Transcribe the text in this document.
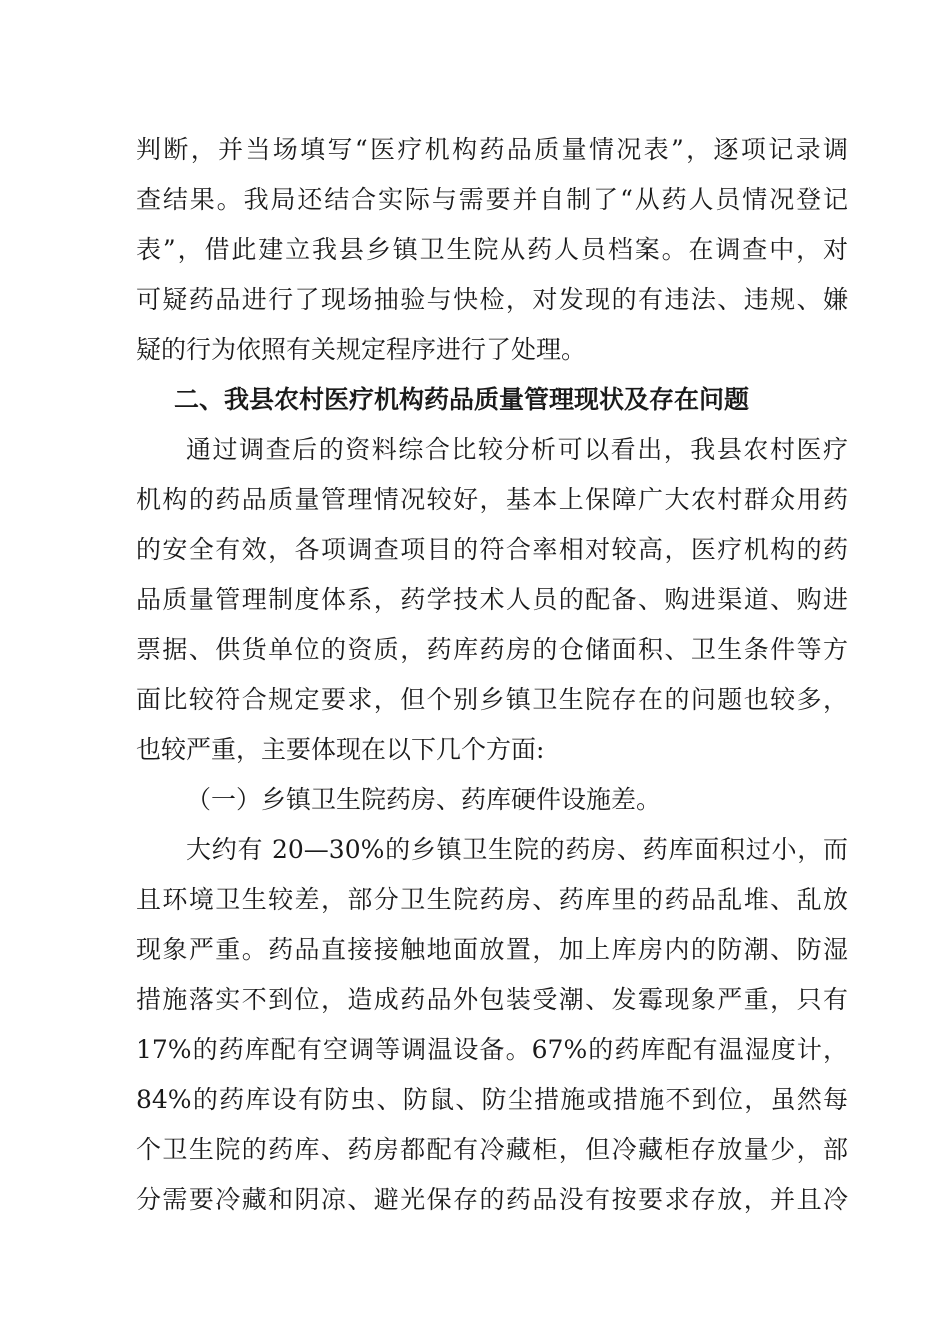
判断，并当场填写“医疗机构药品质量情况表”，逐项记录调
查结果。我局还结合实际与需要并自制了“从药人员情况登记
表”，借此建立我县乡镇卫生院从药人员档案。在调查中，对
可疑药品进行了现场抽验与快检，对发现的有违法、违规、嫌
疑的行为依照有关规定程序进行了处理。
二、我县农村医疗机构药品质量管理现状及存在问题
通过调查后的资料综合比较分析可以看出，我县农村医疗
机构的药品质量管理情况较好，基本上保障广大农村群众用药
的安全有效，各项调查项目的符合率相对较高，医疗机构的药
品质量管理制度体系，药学技术人员的配备、购进渠道、购进
票据、供货单位的资质，药库药房的仓储面积、卫生条件等方
面比较符合规定要求，但个别乡镇卫生院存在的问题也较多，
也较严重，主要体现在以下几个方面:
（一）乡镇卫生院药房、药库硬件设施差。
大约有 20—30%的乡镇卫生院的药房、药库面积过小，而
且环境卫生较差，部分卫生院药房、药库里的药品乱堆、乱放
现象严重。药品直接接触地面放置，加上库房内的防潮、防湿
措施落实不到位，造成药品外包装受潮、发霉现象严重，只有
17%的药库配有空调等调温设备。67%的药库配有温湿度计，
84%的药库设有防虫、防鼠、防尘措施或措施不到位，虽然每
个卫生院的药库、药房都配有冷藏柜，但冷藏柜存放量少，部
分需要冷藏和阴凉、避光保存的药品没有按要求存放，并且冷
